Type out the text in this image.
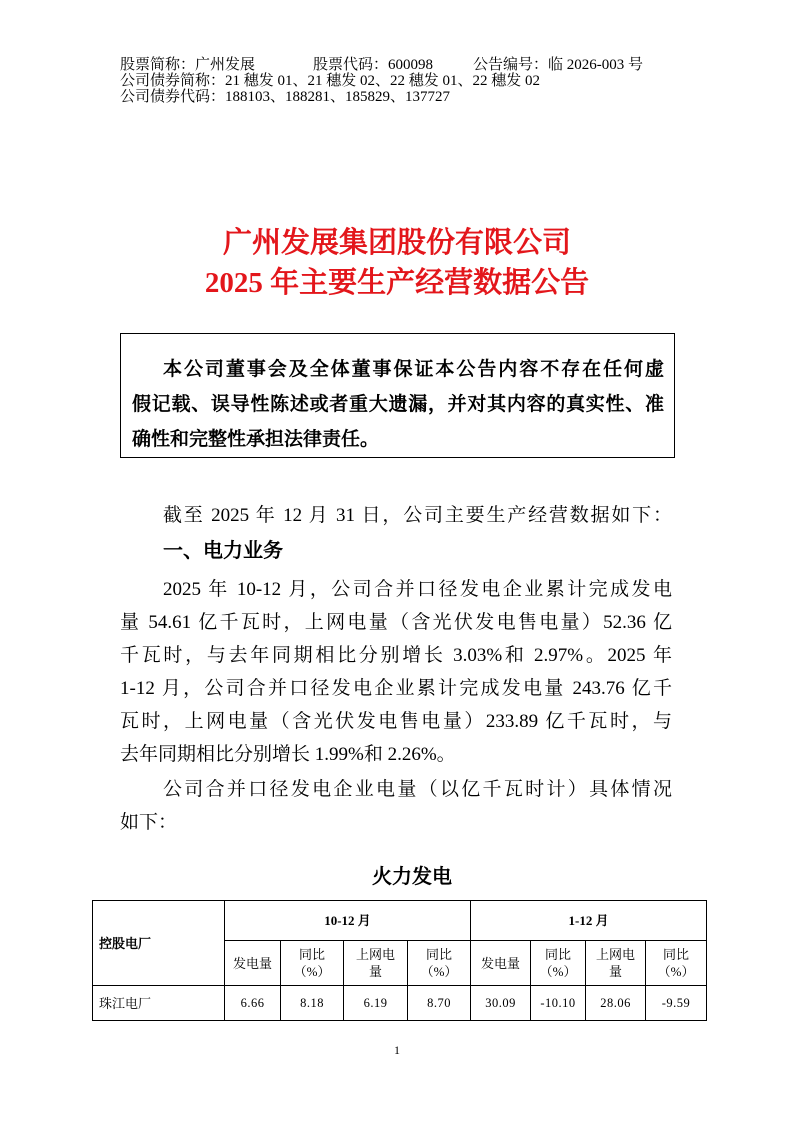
股票简称：广州发展	股票代码：600098	公告编号：临 2026-003 号
公司债券简称：21 穗发 01、21 穗发 02、22 穗发 01、22 穗发 02
公司债券代码：188103、188281、185829、137727
广州发展集团股份有限公司
2025 年主要生产经营数据公告
本公司董事会及全体董事保证本公告内容不存在任何虚
假记载、误导性陈述或者重大遗漏，并对其内容的真实性、准
确性和完整性承担法律责任。
截至 2025 年 12 月 31 日，公司主要生产经营数据如下：
一、电力业务
2025 年 10-12 月，公司合并口径发电企业累计完成发电
量 54.61 亿千瓦时，上网电量（含光伏发电售电量）52.36 亿
千瓦时，与去年同期相比分别增长 3.03%和 2.97%。2025 年
1-12 月，公司合并口径发电企业累计完成发电量 243.76 亿千
瓦时，上网电量（含光伏发电售电量）233.89 亿千瓦时，与
去年同期相比分别增长 1.99%和 2.26%。
公司合并口径发电企业电量（以亿千瓦时计）具体情况
如下：
火力发电
控股电厂	10-12 月				1-12 月			
	发电量	同比
（%）	上网电
量	同比
（%）	发电量	同比
（%）	上网电
量	同比
（%）
珠江电厂	6.66	8.18	6.19	8.70	30.09	-10.10	28.06	-9.59
1
